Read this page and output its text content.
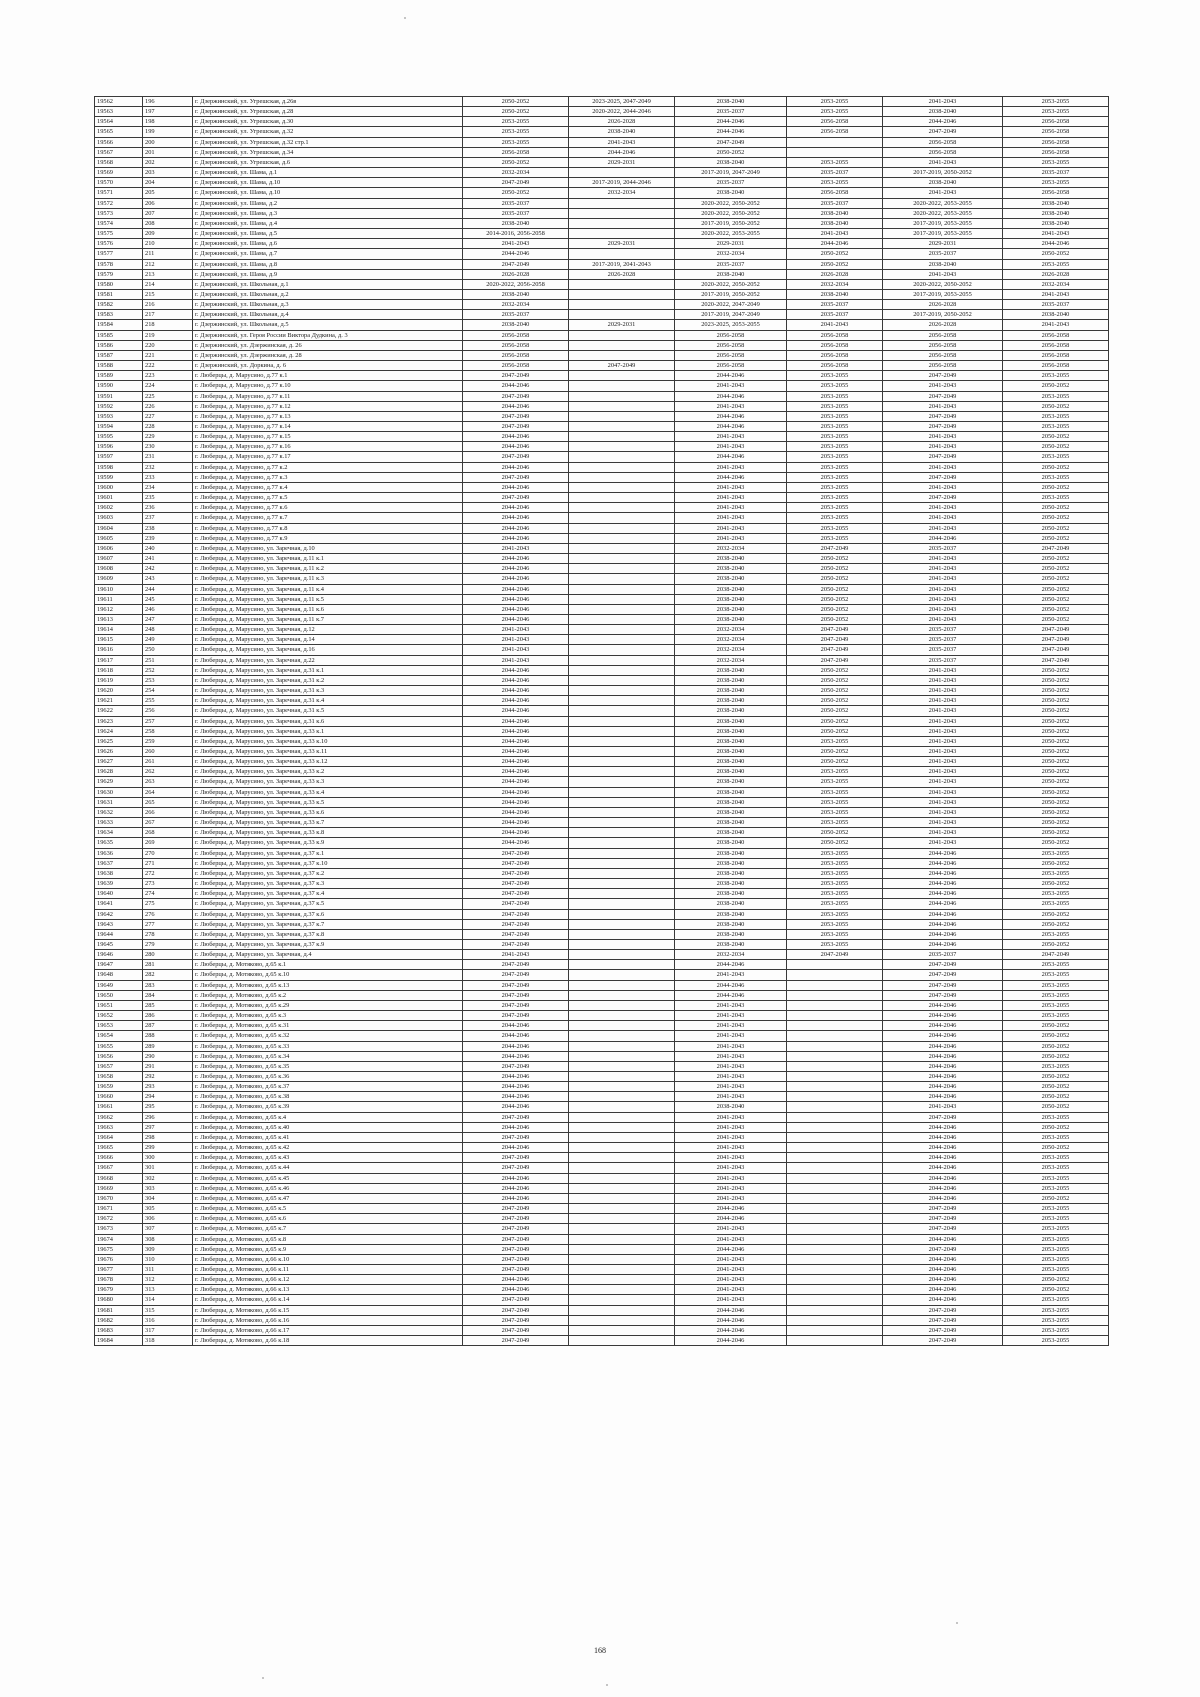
19562	196	г. Дзержинский, ул. Угрешская, д.26в	2050-2052	2023-2025, 2047-2049	2038-2040	2053-2055	2041-2043	2053-2055
19563	197	г. Дзержинский, ул. Угрешская, д.28	2050-2052	2020-2022, 2044-2046	2035-2037	2053-2055	2038-2040	2053-2055
19564	198	г. Дзержинский, ул. Угрешская, д.30	2053-2055	2026-2028	2044-2046	2056-2058	2044-2046	2056-2058
19565	199	г. Дзержинский, ул. Угрешская, д.32	2053-2055	2038-2040	2044-2046	2056-2058	2047-2049	2056-2058
19566	200	г. Дзержинский, ул. Угрешская, д.32 стр.1	2053-2055	2041-2043	2047-2049		2056-2058	2056-2058
19567	201	г. Дзержинский, ул. Угрешская, д.34	2056-2058	2044-2046	2050-2052		2056-2058	2056-2058
19568	202	г. Дзержинский, ул. Угрешская, д.6	2050-2052	2029-2031	2038-2040	2053-2055	2041-2043	2053-2055
19569	203	г. Дзержинский, ул. Шама, д.1	2032-2034		2017-2019, 2047-2049	2035-2037	2017-2019, 2050-2052	2035-2037
19570	204	г. Дзержинский, ул. Шама, д.10	2047-2049	2017-2019, 2044-2046	2035-2037	2053-2055	2038-2040	2053-2055
19571	205	г. Дзержинский, ул. Шама, д.10	2050-2052	2032-2034	2038-2040	2056-2058	2041-2043	2056-2058
19572	206	г. Дзержинский, ул. Шама, д.2	2035-2037		2020-2022, 2050-2052	2035-2037	2020-2022, 2053-2055	2038-2040
19573	207	г. Дзержинский, ул. Шама, д.3	2035-2037		2020-2022, 2050-2052	2038-2040	2020-2022, 2053-2055	2038-2040
19574	208	г. Дзержинский, ул. Шама, д.4	2038-2040		2017-2019, 2050-2052	2038-2040	2017-2019, 2053-2055	2038-2040
19575	209	г. Дзержинский, ул. Шама, д.5	2014-2016, 2056-2058		2020-2022, 2053-2055	2041-2043	2017-2019, 2053-2055	2041-2043
19576	210	г. Дзержинский, ул. Шама, д.6	2041-2043	2029-2031	2029-2031	2044-2046	2029-2031	2044-2046
19577	211	г. Дзержинский, ул. Шама, д.7	2044-2046		2032-2034	2050-2052	2035-2037	2050-2052
19578	212	г. Дзержинский, ул. Шама, д.8	2047-2049	2017-2019, 2041-2043	2035-2037	2050-2052	2038-2040	2053-2055
19579	213	г. Дзержинский, ул. Шама, д.9	2026-2028	2026-2028	2038-2040	2026-2028	2041-2043	2026-2028
19580	214	г. Дзержинский, ул. Школьная, д.1	2020-2022, 2056-2058		2020-2022, 2050-2052	2032-2034	2020-2022, 2050-2052	2032-2034
19581	215	г. Дзержинский, ул. Школьная, д.2	2038-2040		2017-2019, 2050-2052	2038-2040	2017-2019, 2053-2055	2041-2043
19582	216	г. Дзержинский, ул. Школьная, д.3	2032-2034		2020-2022, 2047-2049	2035-2037	2026-2028	2035-2037
19583	217	г. Дзержинский, ул. Школьная, д.4	2035-2037		2017-2019, 2047-2049	2035-2037	2017-2019, 2050-2052	2038-2040
19584	218	г. Дзержинский, ул. Школьная, д.5	2038-2040	2029-2031	2023-2025, 2053-2055	2041-2043	2026-2028	2041-2043
19585	219	г. Дзержинский, ул. Героя России Виктора Дудкина, д. 3	2056-2058		2056-2058	2056-2058	2056-2058	2056-2058
19586	220	г. Дзержинский, ул. Дзержинская, д. 26	2056-2058		2056-2058	2056-2058	2056-2058	2056-2058
19587	221	г. Дзержинский, ул. Дзержинская, д. 28	2056-2058		2056-2058	2056-2058	2056-2058	2056-2058
19588	222	г. Дзержинский, ул. Доркина, д. 6	2056-2058	2047-2049	2056-2058	2056-2058	2056-2058	2056-2058
19589	223	г. Люберцы, д. Марусино, д.77 к.1	2047-2049		2044-2046	2053-2055	2047-2049	2053-2055
19590	224	г. Люберцы, д. Марусино, д.77 к.10	2044-2046		2041-2043	2053-2055	2041-2043	2050-2052
19591	225	г. Люберцы, д. Марусино, д.77 к.11	2047-2049		2044-2046	2053-2055	2047-2049	2053-2055
19592	226	г. Люберцы, д. Марусино, д.77 к.12	2044-2046		2041-2043	2053-2055	2041-2043	2050-2052
19593	227	г. Люберцы, д. Марусино, д.77 к.13	2047-2049		2044-2046	2053-2055	2047-2049	2053-2055
19594	228	г. Люберцы, д. Марусино, д.77 к.14	2047-2049		2044-2046	2053-2055	2047-2049	2053-2055
19595	229	г. Люберцы, д. Марусино, д.77 к.15	2044-2046		2041-2043	2053-2055	2041-2043	2050-2052
19596	230	г. Люберцы, д. Марусино, д.77 к.16	2044-2046		2041-2043	2053-2055	2041-2043	2050-2052
19597	231	г. Люберцы, д. Марусино, д.77 к.17	2047-2049		2044-2046	2053-2055	2047-2049	2053-2055
19598	232	г. Люберцы, д. Марусино, д.77 к.2	2044-2046		2041-2043	2053-2055	2041-2043	2050-2052
19599	233	г. Люберцы, д. Марусино, д.77 к.3	2047-2049		2044-2046	2053-2055	2047-2049	2053-2055
19600	234	г. Люберцы, д. Марусино, д.77 к.4	2044-2046		2041-2043	2053-2055	2041-2043	2050-2052
19601	235	г. Люберцы, д. Марусино, д.77 к.5	2047-2049		2041-2043	2053-2055	2047-2049	2053-2055
19602	236	г. Люберцы, д. Марусино, д.77 к.6	2044-2046		2041-2043	2053-2055	2041-2043	2050-2052
19603	237	г. Люберцы, д. Марусино, д.77 к.7	2044-2046		2041-2043	2053-2055	2041-2043	2050-2052
19604	238	г. Люберцы, д. Марусино, д.77 к.8	2044-2046		2041-2043	2053-2055	2041-2043	2050-2052
19605	239	г. Люберцы, д. Марусино, д.77 к.9	2044-2046		2041-2043	2053-2055	2044-2046	2050-2052
19606	240	г. Люберцы, д. Марусино, ул. Заречная, д.10	2041-2043		2032-2034	2047-2049	2035-2037	2047-2049
19607	241	г. Люберцы, д. Марусино, ул. Заречная, д.11 к.1	2044-2046		2038-2040	2050-2052	2041-2043	2050-2052
19608	242	г. Люберцы, д. Марусино, ул. Заречная, д.11 к.2	2044-2046		2038-2040	2050-2052	2041-2043	2050-2052
19609	243	г. Люберцы, д. Марусино, ул. Заречная, д.11 к.3	2044-2046		2038-2040	2050-2052	2041-2043	2050-2052
19610	244	г. Люберцы, д. Марусино, ул. Заречная, д.11 к.4	2044-2046		2038-2040	2050-2052	2041-2043	2050-2052
19611	245	г. Люберцы, д. Марусино, ул. Заречная, д.11 к.5	2044-2046		2038-2040	2050-2052	2041-2043	2050-2052
19612	246	г. Люберцы, д. Марусино, ул. Заречная, д.11 к.6	2044-2046		2038-2040	2050-2052	2041-2043	2050-2052
19613	247	г. Люберцы, д. Марусино, ул. Заречная, д.11 к.7	2044-2046		2038-2040	2050-2052	2041-2043	2050-2052
19614	248	г. Люберцы, д. Марусино, ул. Заречная, д.12	2041-2043		2032-2034	2047-2049	2035-2037	2047-2049
19615	249	г. Люберцы, д. Марусино, ул. Заречная, д.14	2041-2043		2032-2034	2047-2049	2035-2037	2047-2049
19616	250	г. Люберцы, д. Марусино, ул. Заречная, д.16	2041-2043		2032-2034	2047-2049	2035-2037	2047-2049
19617	251	г. Люберцы, д. Марусино, ул. Заречная, д.22	2041-2043		2032-2034	2047-2049	2035-2037	2047-2049
19618	252	г. Люберцы, д. Марусино, ул. Заречная, д.31 к.1	2044-2046		2038-2040	2050-2052	2041-2043	2050-2052
19619	253	г. Люберцы, д. Марусино, ул. Заречная, д.31 к.2	2044-2046		2038-2040	2050-2052	2041-2043	2050-2052
19620	254	г. Люберцы, д. Марусино, ул. Заречная, д.31 к.3	2044-2046		2038-2040	2050-2052	2041-2043	2050-2052
19621	255	г. Люберцы, д. Марусино, ул. Заречная, д.31 к.4	2044-2046		2038-2040	2050-2052	2041-2043	2050-2052
19622	256	г. Люберцы, д. Марусино, ул. Заречная, д.31 к.5	2044-2046		2038-2040	2050-2052	2041-2043	2050-2052
19623	257	г. Люберцы, д. Марусино, ул. Заречная, д.31 к.6	2044-2046		2038-2040	2050-2052	2041-2043	2050-2052
19624	258	г. Люберцы, д. Марусино, ул. Заречная, д.33 к.1	2044-2046		2038-2040	2050-2052	2041-2043	2050-2052
19625	259	г. Люберцы, д. Марусино, ул. Заречная, д.33 к.10	2044-2046		2038-2040	2053-2055	2041-2043	2050-2052
19626	260	г. Люберцы, д. Марусино, ул. Заречная, д.33 к.11	2044-2046		2038-2040	2050-2052	2041-2043	2050-2052
19627	261	г. Люберцы, д. Марусино, ул. Заречная, д.33 к.12	2044-2046		2038-2040	2050-2052	2041-2043	2050-2052
19628	262	г. Люберцы, д. Марусино, ул. Заречная, д.33 к.2	2044-2046		2038-2040	2053-2055	2041-2043	2050-2052
19629	263	г. Люберцы, д. Марусино, ул. Заречная, д.33 к.3	2044-2046		2038-2040	2053-2055	2041-2043	2050-2052
19630	264	г. Люберцы, д. Марусино, ул. Заречная, д.33 к.4	2044-2046		2038-2040	2053-2055	2041-2043	2050-2052
19631	265	г. Люберцы, д. Марусино, ул. Заречная, д.33 к.5	2044-2046		2038-2040	2053-2055	2041-2043	2050-2052
19632	266	г. Люберцы, д. Марусино, ул. Заречная, д.33 к.6	2044-2046		2038-2040	2053-2055	2041-2043	2050-2052
19633	267	г. Люберцы, д. Марусино, ул. Заречная, д.33 к.7	2044-2046		2038-2040	2053-2055	2041-2043	2050-2052
19634	268	г. Люберцы, д. Марусино, ул. Заречная, д.33 к.8	2044-2046		2038-2040	2050-2052	2041-2043	2050-2052
19635	269	г. Люберцы, д. Марусино, ул. Заречная, д.33 к.9	2044-2046		2038-2040	2050-2052	2041-2043	2050-2052
19636	270	г. Люберцы, д. Марусино, ул. Заречная, д.37 к.1	2047-2049		2038-2040	2053-2055	2044-2046	2053-2055
19637	271	г. Люберцы, д. Марусино, ул. Заречная, д.37 к.10	2047-2049		2038-2040	2053-2055	2044-2046	2050-2052
19638	272	г. Люберцы, д. Марусино, ул. Заречная, д.37 к.2	2047-2049		2038-2040	2053-2055	2044-2046	2053-2055
19639	273	г. Люберцы, д. Марусино, ул. Заречная, д.37 к.3	2047-2049		2038-2040	2053-2055	2044-2046	2050-2052
19640	274	г. Люберцы, д. Марусино, ул. Заречная, д.37 к.4	2047-2049		2038-2040	2053-2055	2044-2046	2053-2055
19641	275	г. Люберцы, д. Марусино, ул. Заречная, д.37 к.5	2047-2049		2038-2040	2053-2055	2044-2046	2053-2055
19642	276	г. Люберцы, д. Марусино, ул. Заречная, д.37 к.6	2047-2049		2038-2040	2053-2055	2044-2046	2050-2052
19643	277	г. Люберцы, д. Марусино, ул. Заречная, д.37 к.7	2047-2049		2038-2040	2053-2055	2044-2046	2050-2052
19644	278	г. Люберцы, д. Марусино, ул. Заречная, д.37 к.8	2047-2049		2038-2040	2053-2055	2044-2046	2053-2055
19645	279	г. Люберцы, д. Марусино, ул. Заречная, д.37 к.9	2047-2049		2038-2040	2053-2055	2044-2046	2050-2052
19646	280	г. Люберцы, д. Марусино, ул. Заречная, д.4	2041-2043		2032-2034	2047-2049	2035-2037	2047-2049
19647	281	г. Люберцы, д. Мотяково, д.65 к.1	2047-2049		2044-2046		2047-2049	2053-2055
19648	282	г. Люберцы, д. Мотяково, д.65 к.10	2047-2049		2041-2043		2047-2049	2053-2055
19649	283	г. Люберцы, д. Мотяково, д.65 к.13	2047-2049		2044-2046		2047-2049	2053-2055
19650	284	г. Люберцы, д. Мотяково, д.65 к.2	2047-2049		2044-2046		2047-2049	2053-2055
19651	285	г. Люберцы, д. Мотяково, д.65 к.29	2047-2049		2041-2043		2044-2046	2053-2055
19652	286	г. Люберцы, д. Мотяково, д.65 к.3	2047-2049		2041-2043		2044-2046	2053-2055
19653	287	г. Люберцы, д. Мотяково, д.65 к.31	2044-2046		2041-2043		2044-2046	2050-2052
19654	288	г. Люберцы, д. Мотяково, д.65 к.32	2044-2046		2041-2043		2044-2046	2050-2052
19655	289	г. Люберцы, д. Мотяково, д.65 к.33	2044-2046		2041-2043		2044-2046	2050-2052
19656	290	г. Люберцы, д. Мотяково, д.65 к.34	2044-2046		2041-2043		2044-2046	2050-2052
19657	291	г. Люберцы, д. Мотяково, д.65 к.35	2047-2049		2041-2043		2044-2046	2053-2055
19658	292	г. Люберцы, д. Мотяково, д.65 к.36	2044-2046		2041-2043		2044-2046	2050-2052
19659	293	г. Люберцы, д. Мотяково, д.65 к.37	2044-2046		2041-2043		2044-2046	2050-2052
19660	294	г. Люберцы, д. Мотяково, д.65 к.38	2044-2046		2041-2043		2044-2046	2050-2052
19661	295	г. Люберцы, д. Мотяково, д.65 к.39	2044-2046		2038-2040		2041-2043	2050-2052
19662	296	г. Люберцы, д. Мотяково, д.65 к.4	2047-2049		2041-2043		2047-2049	2053-2055
19663	297	г. Люберцы, д. Мотяково, д.65 к.40	2044-2046		2041-2043		2044-2046	2050-2052
19664	298	г. Люберцы, д. Мотяково, д.65 к.41	2047-2049		2041-2043		2044-2046	2053-2055
19665	299	г. Люберцы, д. Мотяково, д.65 к.42	2044-2046		2041-2043		2044-2046	2050-2052
19666	300	г. Люберцы, д. Мотяково, д.65 к.43	2047-2049		2041-2043		2044-2046	2053-2055
19667	301	г. Люберцы, д. Мотяково, д.65 к.44	2047-2049		2041-2043		2044-2046	2053-2055
19668	302	г. Люберцы, д. Мотяково, д.65 к.45	2044-2046		2041-2043		2044-2046	2053-2055
19669	303	г. Люберцы, д. Мотяково, д.65 к.46	2044-2046		2041-2043		2044-2046	2053-2055
19670	304	г. Люберцы, д. Мотяково, д.65 к.47	2044-2046		2041-2043		2044-2046	2050-2052
19671	305	г. Люберцы, д. Мотяково, д.65 к.5	2047-2049		2044-2046		2047-2049	2053-2055
19672	306	г. Люберцы, д. Мотяково, д.65 к.6	2047-2049		2044-2046		2047-2049	2053-2055
19673	307	г. Люберцы, д. Мотяково, д.65 к.7	2047-2049		2041-2043		2047-2049	2053-2055
19674	308	г. Люберцы, д. Мотяково, д.65 к.8	2047-2049		2041-2043		2044-2046	2053-2055
19675	309	г. Люберцы, д. Мотяково, д.65 к.9	2047-2049		2044-2046		2047-2049	2053-2055
19676	310	г. Люберцы, д. Мотяково, д.66 к.10	2047-2049		2041-2043		2044-2046	2053-2055
19677	311	г. Люберцы, д. Мотяково, д.66 к.11	2047-2049		2041-2043		2044-2046	2053-2055
19678	312	г. Люберцы, д. Мотяково, д.66 к.12	2044-2046		2041-2043		2044-2046	2050-2052
19679	313	г. Люберцы, д. Мотяково, д.66 к.13	2044-2046		2041-2043		2044-2046	2050-2052
19680	314	г. Люберцы, д. Мотяково, д.66 к.14	2047-2049		2041-2043		2044-2046	2053-2055
19681	315	г. Люберцы, д. Мотяково, д.66 к.15	2047-2049		2044-2046		2047-2049	2053-2055
19682	316	г. Люберцы, д. Мотяково, д.66 к.16	2047-2049		2044-2046		2047-2049	2053-2055
19683	317	г. Люберцы, д. Мотяково, д.66 к.17	2047-2049		2044-2046		2047-2049	2053-2055
19684	318	г. Люберцы, д. Мотяково, д.66 к.18	2047-2049		2044-2046		2047-2049	2053-2055
168
